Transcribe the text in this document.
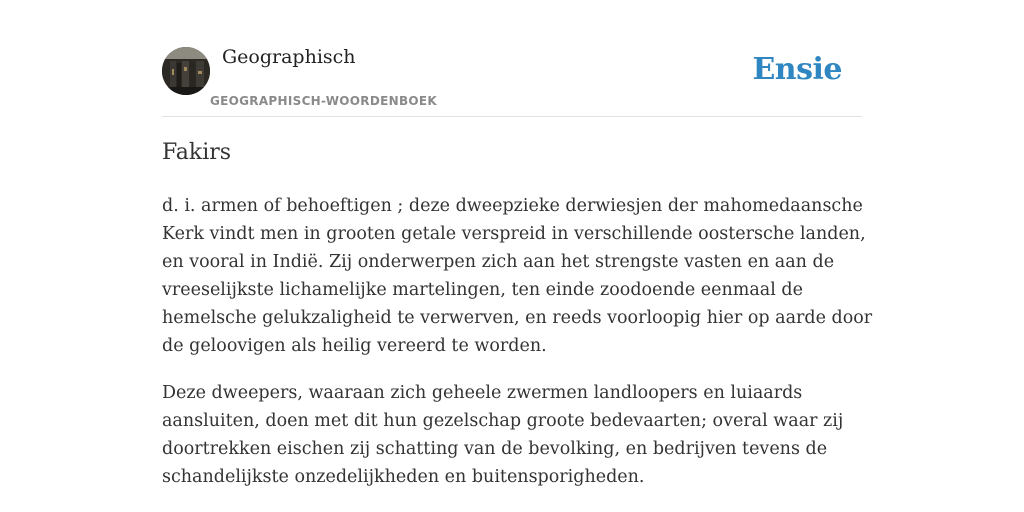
Geographisch
GEOGRAPHISCH-WOORDENBOEK
Ensie
Fakirs

d. i. armen of behoeftigen ; deze dweepzieke derwiesjen der mahomedaansche Kerk vindt men in grooten getale verspreid in verschillende oostersche landen, en vooral in Indië. Zij onderwerpen zich aan het strengste vasten en aan de vreeselijkste lichamelijke martelingen, ten einde zoodoende eenmaal de hemelsche gelukzaligheid te verwerven, en reeds voorloopig hier op aarde door de geloovigen als heilig vereerd te worden.

Deze dweepers, waaraan zich geheele zwermen landloopers en luiaards aansluiten, doen met dit hun gezelschap groote bedevaarten; overal waar zij doortrekken eischen zij schatting van de bevolking, en bedrijven tevens de schandelijkste onzedelijkheden en buitensporigheden.
